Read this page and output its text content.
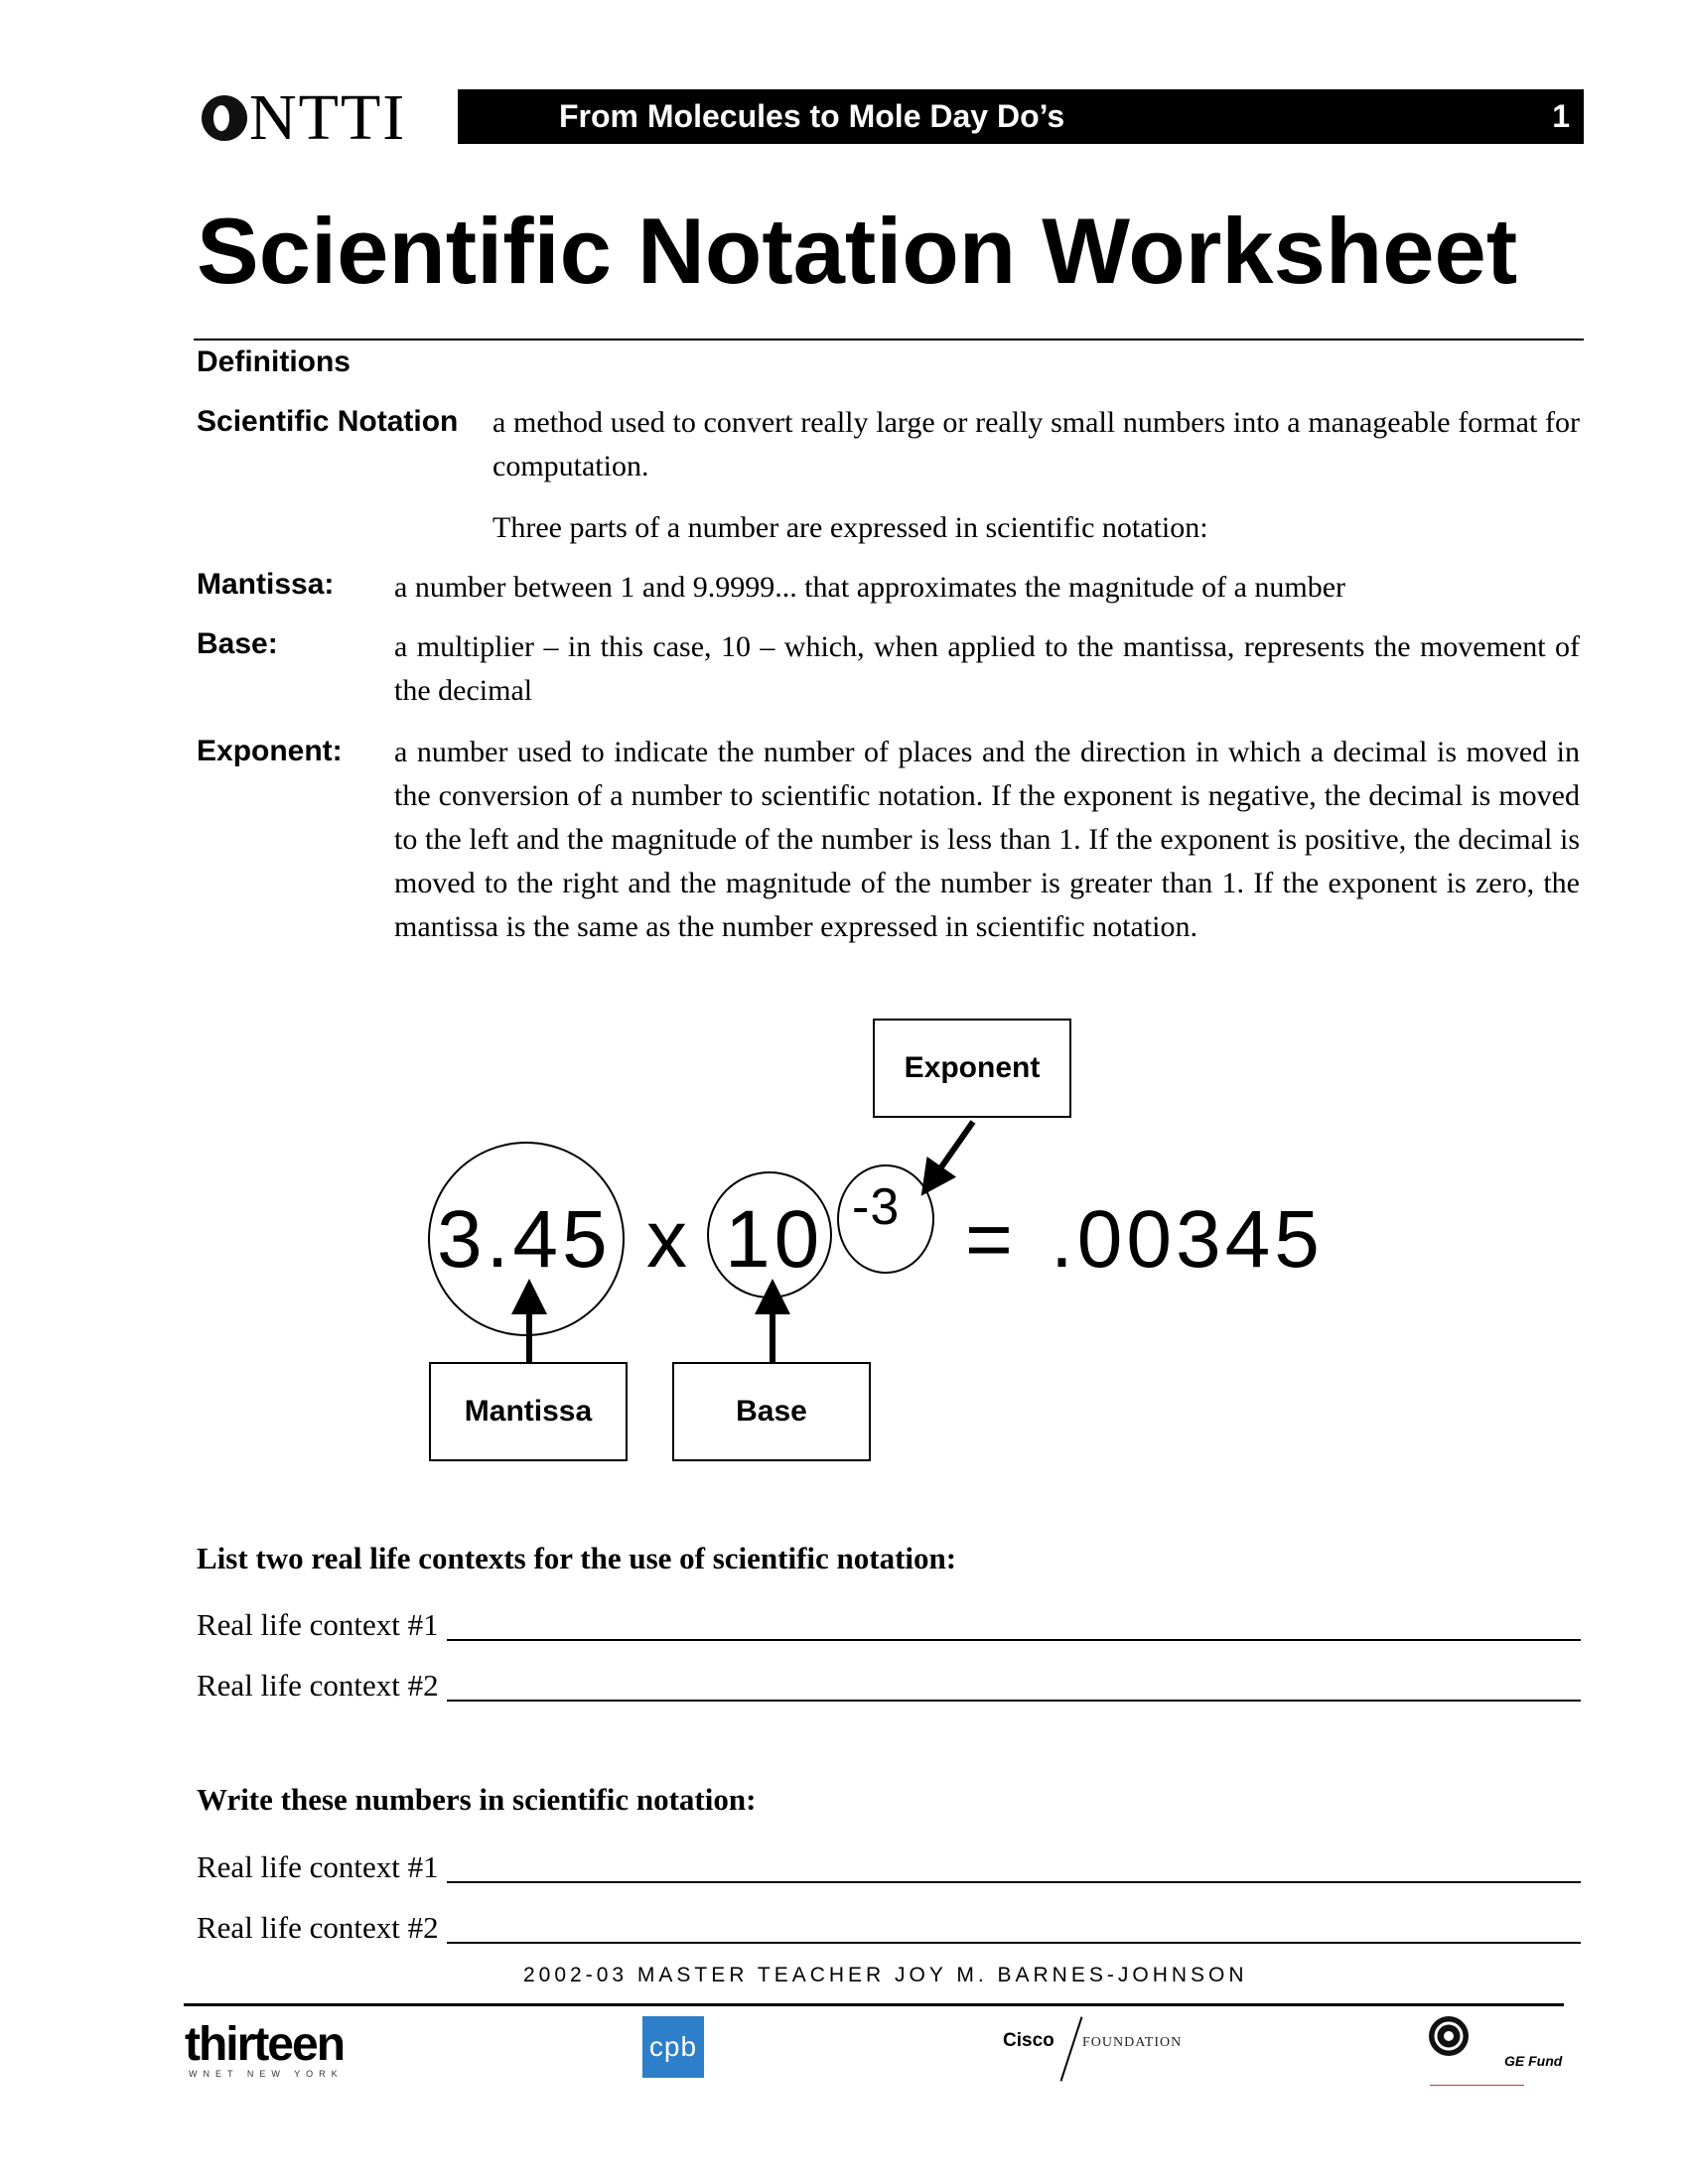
NTTI	From Molecules to Mole Day Do’s	1
Scientific Notation Worksheet
Definitions
Scientific Notation a method used to convert really large or really small numbers into a manageable format for computation.
Three parts of a number are expressed in scientific notation:
Mantissa: a number between 1 and 9.9999... that approximates the magnitude of a number
Base:	a multiplier – in this case, 10 – which, when applied to the mantissa, represents the movement of the decimal
Exponent: a number used to indicate the number of places and the direction in which a decimal is moved in the conversion of a number to scientific notation. If the exponent is negative, the decimal is moved to the left and the magnitude of the number is less than 1. If the exponent is positive, the decimal is moved to the right and the magnitude of the number is greater than 1. If the exponent is zero, the mantissa is the same as the number expressed in scientific notation.
Exponent
3.45 x 10 -3 = .00345
Mantissa	Base
List two real life contexts for the use of scientific notation:
Real life context #1
Real life context #2
Write these numbers in scientific notation:
Real life context #1
Real life context #2
2002-03 MASTER TEACHER JOY M. BARNES-JOHNSON
thirteen
WNET NEW YORK
cpb	Cisco FOUNDATION
GE Fund
